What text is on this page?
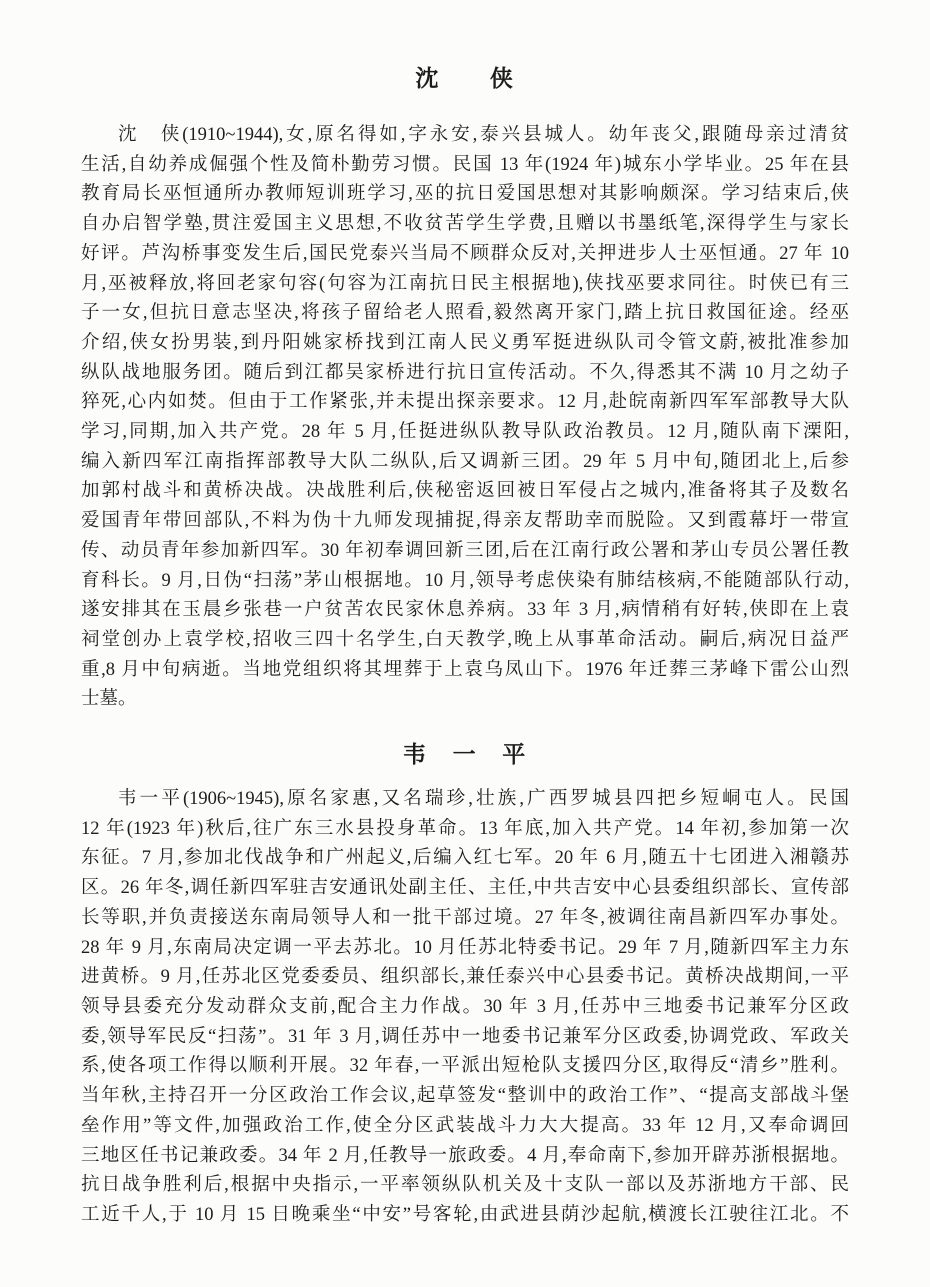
沈　　侠
沈　侠(1910~1944),女,原名得如,字永安,泰兴县城人。幼年丧父,跟随母亲过清贫
生活,自幼养成倔强个性及简朴勤劳习惯。民国 13 年(1924 年)城东小学毕业。25 年在县
教育局长巫恒通所办教师短训班学习,巫的抗日爱国思想对其影响颇深。学习结束后,侠
自办启智学塾,贯注爱国主义思想,不收贫苦学生学费,且赠以书墨纸笔,深得学生与家长
好评。芦沟桥事变发生后,国民党泰兴当局不顾群众反对,关押进步人士巫恒通。27 年 10
月,巫被释放,将回老家句容(句容为江南抗日民主根据地),侠找巫要求同往。时侠已有三
子一女,但抗日意志坚决,将孩子留给老人照看,毅然离开家门,踏上抗日救国征途。经巫
介绍,侠女扮男装,到丹阳姚家桥找到江南人民义勇军挺进纵队司令管文蔚,被批准参加
纵队战地服务团。随后到江都吴家桥进行抗日宣传活动。不久,得悉其不满 10 月之幼子
猝死,心内如焚。但由于工作紧张,并未提出探亲要求。12 月,赴皖南新四军军部教导大队
学习,同期,加入共产党。28 年 5 月,任挺进纵队教导队政治教员。12 月,随队南下溧阳,
编入新四军江南指挥部教导大队二纵队,后又调新三团。29 年 5 月中旬,随团北上,后参
加郭村战斗和黄桥决战。决战胜利后,侠秘密返回被日军侵占之城内,准备将其子及数名
爱国青年带回部队,不料为伪十九师发现捕捉,得亲友帮助幸而脱险。又到霞幕圩一带宣
传、动员青年参加新四军。30 年初奉调回新三团,后在江南行政公署和茅山专员公署任教
育科长。9 月,日伪“扫荡”茅山根据地。10 月,领导考虑侠染有肺结核病,不能随部队行动,
遂安排其在玉晨乡张巷一户贫苦农民家休息养病。33 年 3 月,病情稍有好转,侠即在上袁
祠堂创办上袁学校,招收三四十名学生,白天教学,晚上从事革命活动。嗣后,病况日益严
重,8 月中旬病逝。当地党组织将其埋葬于上袁乌凤山下。1976 年迁葬三茅峰下雷公山烈
士墓。
韦　一　平
韦一平(1906~1945),原名家惠,又名瑞珍,壮族,广西罗城县四把乡短峒屯人。民国
12 年(1923 年)秋后,往广东三水县投身革命。13 年底,加入共产党。14 年初,参加第一次
东征。7 月,参加北伐战争和广州起义,后编入红七军。20 年 6 月,随五十七团进入湘赣苏
区。26 年冬,调任新四军驻吉安通讯处副主任、主任,中共吉安中心县委组织部长、宣传部
长等职,并负责接送东南局领导人和一批干部过境。27 年冬,被调往南昌新四军办事处。
28 年 9 月,东南局决定调一平去苏北。10 月任苏北特委书记。29 年 7 月,随新四军主力东
进黄桥。9 月,任苏北区党委委员、组织部长,兼任泰兴中心县委书记。黄桥决战期间,一平
领导县委充分发动群众支前,配合主力作战。30 年 3 月,任苏中三地委书记兼军分区政
委,领导军民反“扫荡”。31 年 3 月,调任苏中一地委书记兼军分区政委,协调党政、军政关
系,使各项工作得以顺利开展。32 年春,一平派出短枪队支援四分区,取得反“清乡”胜利。
当年秋,主持召开一分区政治工作会议,起草签发“整训中的政治工作”、“提高支部战斗堡
垒作用”等文件,加强政治工作,使全分区武装战斗力大大提高。33 年 12 月,又奉命调回
三地区任书记兼政委。34 年 2 月,任教导一旅政委。4 月,奉命南下,参加开辟苏浙根据地。
抗日战争胜利后,根据中央指示,一平率领纵队机关及十支队一部以及苏浙地方干部、民
工近千人,于 10 月 15 日晚乘坐“中安”号客轮,由武进县荫沙起航,横渡长江驶往江北。不
